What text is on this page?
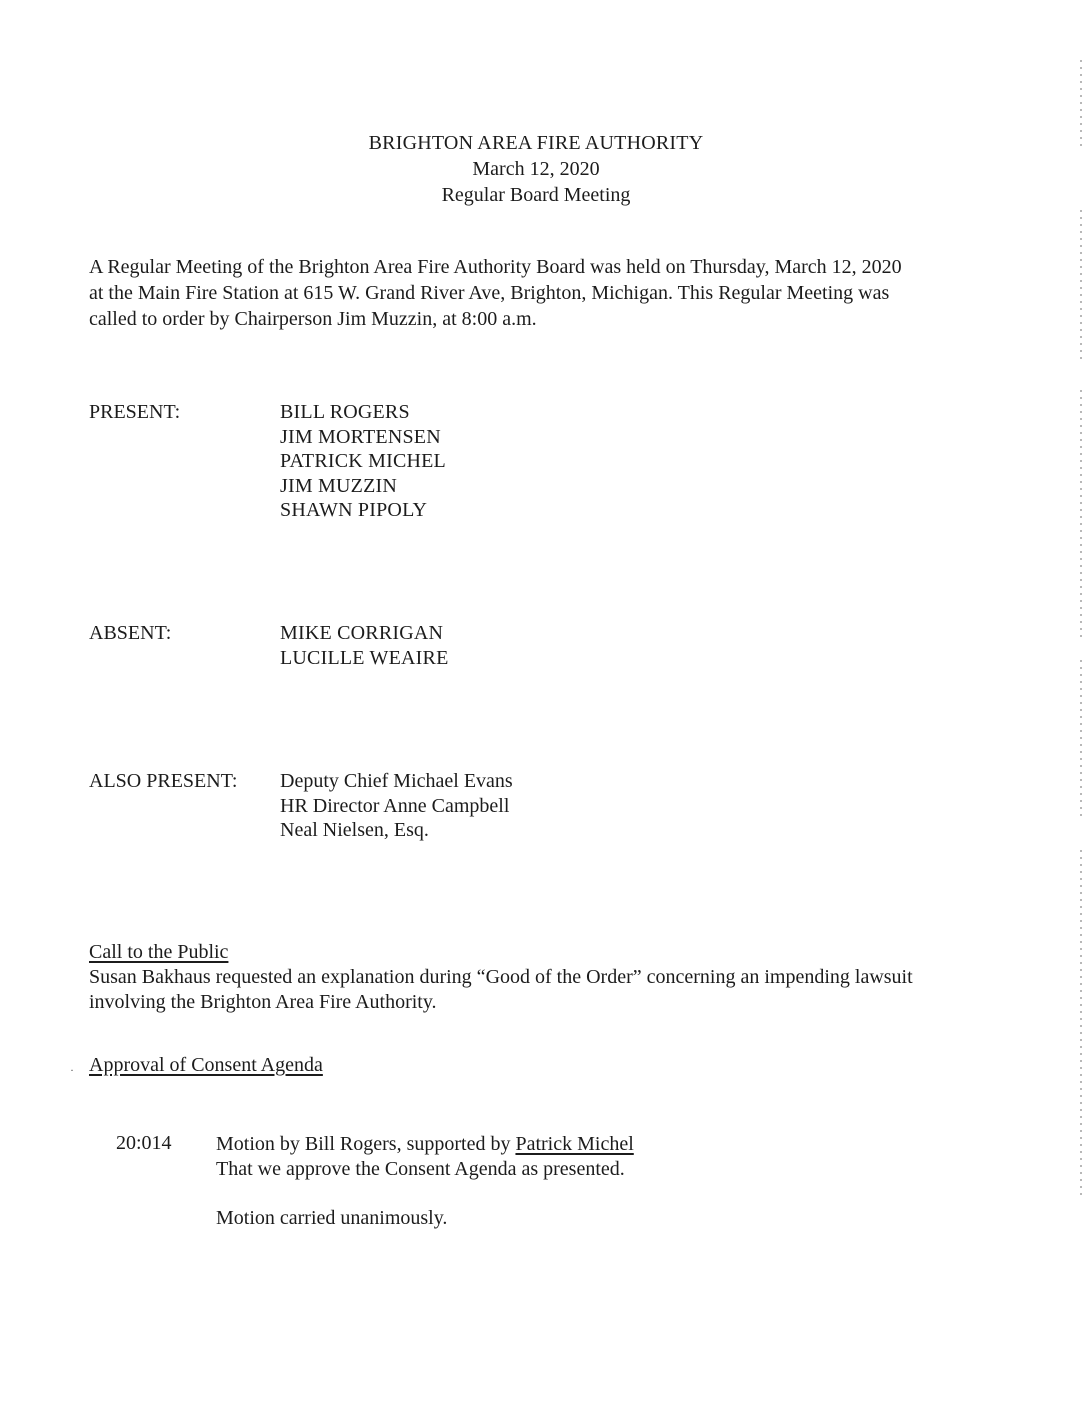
BRIGHTON AREA FIRE AUTHORITY
March 12, 2020
Regular Board Meeting
A Regular Meeting of the Brighton Area Fire Authority Board was held on Thursday, March 12, 2020
at the Main Fire Station at 615 W. Grand River Ave, Brighton, Michigan. This Regular Meeting was
called to order by Chairperson Jim Muzzin, at 8:00 a.m.
PRESENT:	BILL ROGERS
JIM MORTENSEN
PATRICK MICHEL
JIM MUZZIN
SHAWN PIPOLY
ABSENT:	MIKE CORRIGAN
LUCILLE WEAIRE
ALSO PRESENT: Deputy Chief Michael Evans
HR Director Anne Campbell
Neal Nielsen, Esq.
Call to the Public
Susan Bakhaus requested an explanation during “Good of the Order” concerning an impending lawsuit
involving the Brighton Area Fire Authority.
· Approval of Consent Agenda
20:014 Motion by Bill Rogers, supported by Patrick Michel
That we approve the Consent Agenda as presented.
Motion carried unanimously.
